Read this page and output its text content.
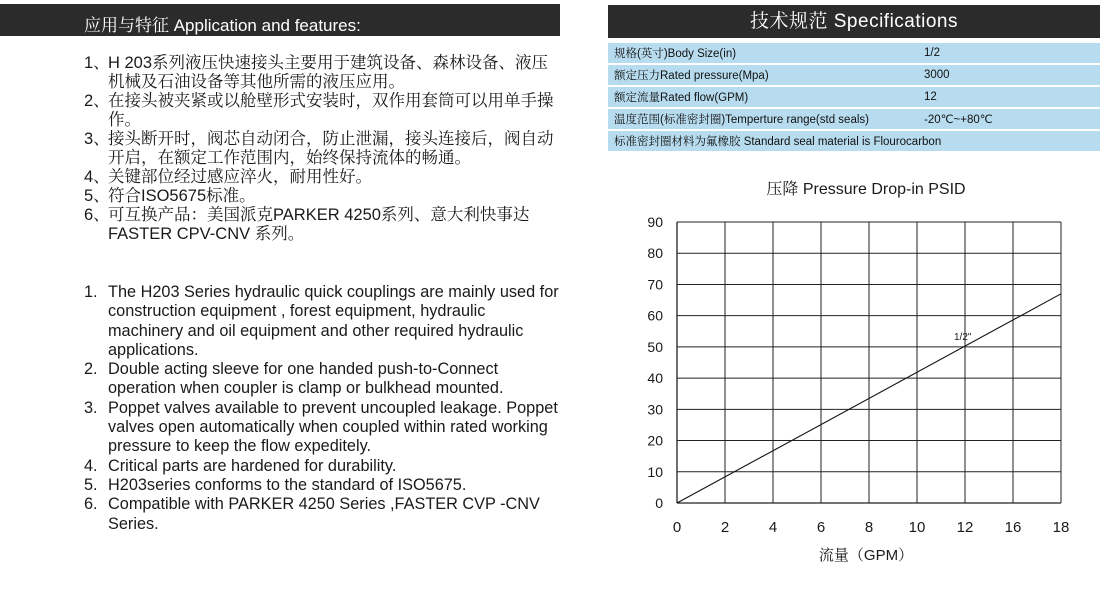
应用与特征 Application and features:
1、
H 203系列液压快速接头主要用于建筑设备、森林设备、液压机械及石油设备等其他所需的液压应用。
2、
在接头被夹紧或以舱壁形式安装时，双作用套筒可以用单手操作。
3、
接头断开时，阀芯自动闭合，防止泄漏，接头连接后，阀自动开启，在额定工作范围内，始终保持流体的畅通。
4、
关键部位经过感应淬火，耐用性好。
5、
符合ISO5675标准。
6、
可互换产品：美国派克PARKER 4250系列、意大利快事达FASTER CPV-CNV 系列。
1. The H203 Series hydraulic quick couplings are mainly used for construction equipment , forest equipment, hydraulic machinery and oil equipment and other required hydraulic applications.
2. Double acting sleeve for one handed push-to-Connect operation when coupler is clamp or bulkhead mounted.
3. Poppet valves available to prevent uncoupled leakage. Poppet valves open automatically when coupled within rated working pressure to keep the flow expeditely.
4. Critical parts are hardened for durability.
5. H203series conforms to the standard of ISO5675.
6. Compatible with PARKER 4250 Series ,FASTER CVP -CNV Series.
技术规范 Specifications
规格(英寸)Body Size(in)	1/2
额定压力Rated pressure(Mpa)	3000
额定流量Rated flow(GPM)	12
温度范围(标准密封圈)Temperture range(std seals)	-20℃~+80℃
标准密封圈材料为氟橡胶 Standard seal material is Flourocarbon	
压降 Pressure Drop-in PSID
0
10
20
30
40
50
60
70
80
90
0	2	4	6	8 10 12 16 18
1/2"
流量（GPM）
